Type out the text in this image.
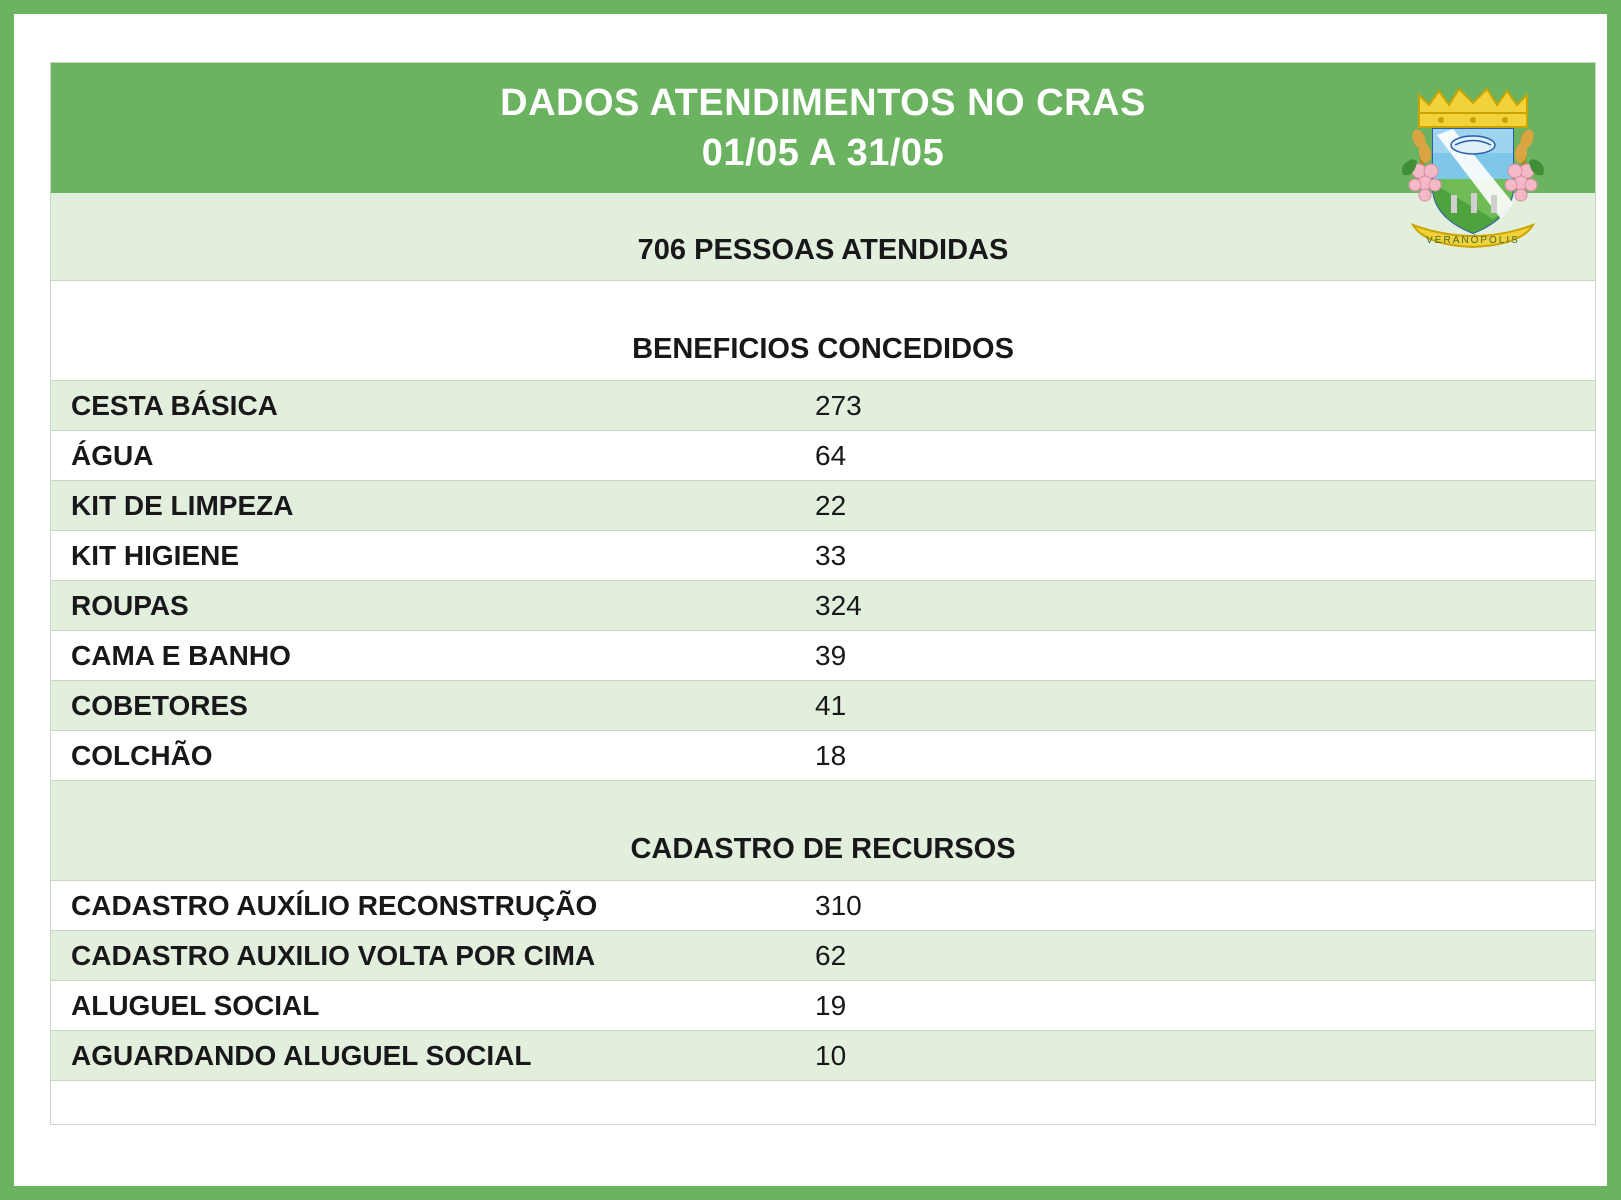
DADOS ATENDIMENTOS NO CRAS
01/05 A 31/05
VERANÓPOLIS
706 PESSOAS ATENDIDAS
BENEFICIOS CONCEDIDOS
CESTA BÁSICA	273
ÁGUA	64
KIT DE LIMPEZA	22
KIT HIGIENE	33
ROUPAS	324
CAMA E BANHO	39
COBETORES	41
COLCHÃO	18
CADASTRO DE RECURSOS
CADASTRO AUXÍLIO RECONSTRUÇÃO	310
CADASTRO AUXILIO VOLTA POR CIMA	62
ALUGUEL SOCIAL	19
AGUARDANDO ALUGUEL SOCIAL	10
